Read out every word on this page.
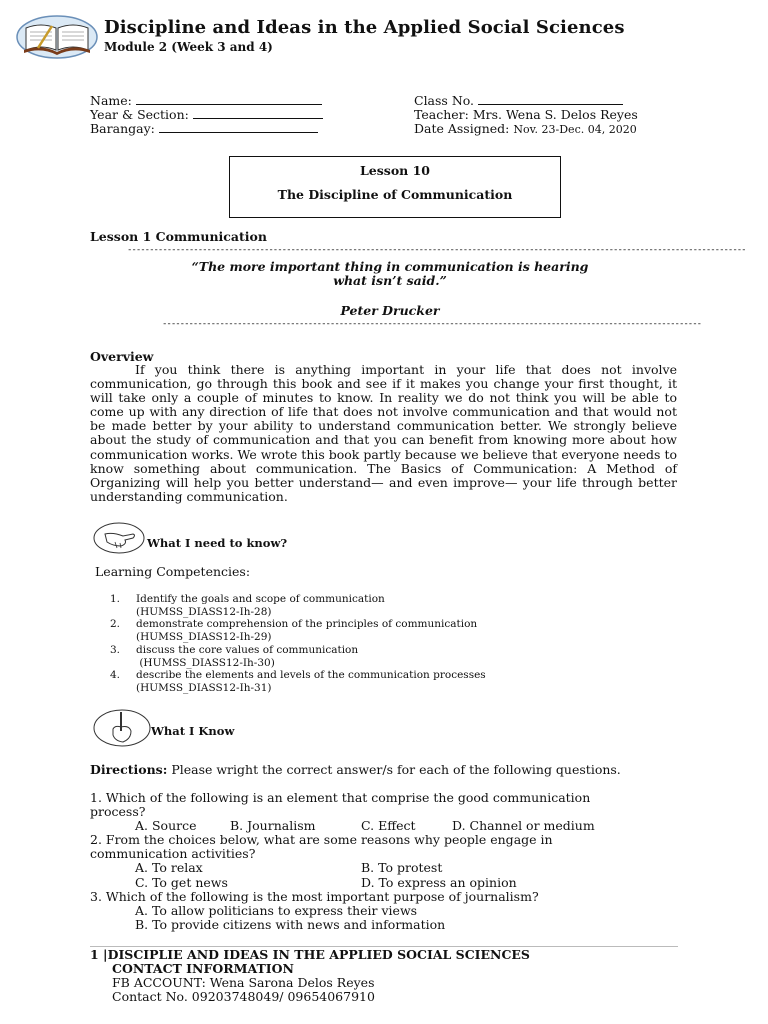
Discipline and Ideas in the Applied Social Sciences
Module 2 (Week 3 and 4)
Name:
Year & Section:
Barangay:
Class No.
Teacher: Mrs. Wena S. Delos Reyes
Date Assigned: Nov. 23-Dec. 04, 2020
Lesson 10
The Discipline of Communication
Lesson 1 Communication
--------------------------------------------------------------------------------------------------------------------------------------------
“The more important thing in communication is hearing
what isn’t said.”
Peter Drucker
--------------------------------------------------------------------------------------------------------------------------
Overview

If you think there is anything important in your life that does not involve communication, go through this book and see if it makes you change your first thought, it will take only a couple of minutes to know. In reality we do not think you will be able to come up with any direction of life that does not involve communication and that would not be made better by your ability to understand communication better. We strongly believe about the study of communication and that you can benefit from knowing more about how communication works. We wrote this book partly because we believe that everyone needs to know something about communication. The Basics of Communication: A Method of Organizing will help you better understand— and even improve— your life through better understanding communication.

What I need to know?
Learning Competencies:
1. Identify the goals and scope of communication
(HUMSS_DIASS12-Ih-28)
2. demonstrate comprehension of the principles of communication
(HUMSS_DIASS12-Ih-29)
3. discuss the core values of communication
(HUMSS_DIASS12-Ih-30)
4. describe the elements and levels of the communication processes
(HUMSS_DIASS12-Ih-31)
What I Know
Directions: Please wright the correct answer/s for each of the following questions.
1. Which of the following is an element that comprise the good communication
process?
A. Source	B. Journalism	C. Effect	D. Channel or medium
2. From the choices below, what are some reasons why people engage in
communication activities?
A. To relax	B. To protest
C. To get news	D. To express an opinion
3. Which of the following is the most important purpose of journalism?
A. To allow politicians to express their views
B. To provide citizens with news and information
1 |DISCIPLIE AND IDEAS IN THE APPLIED SOCIAL SCIENCES
CONTACT INFORMATION
FB ACCOUNT: Wena Sarona Delos Reyes
Contact No. 09203748049/ 09654067910
